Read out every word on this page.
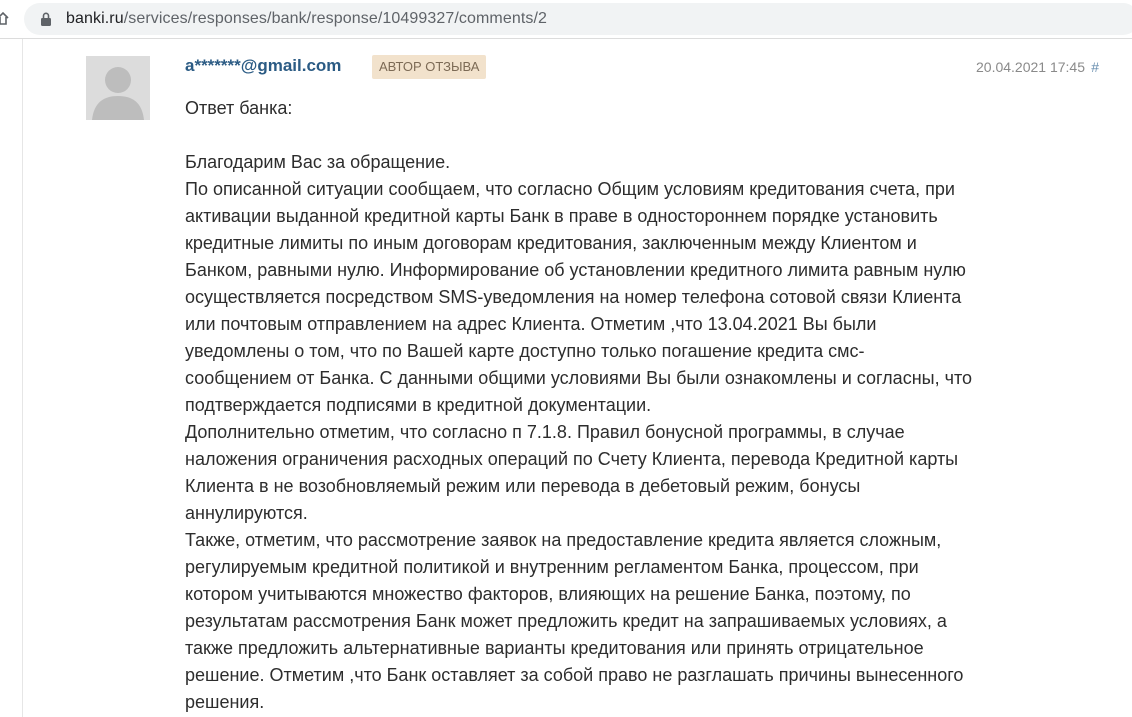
banki.ru/services/responses/bank/response/10499327/comments/2
a*******@gmail.com	АВТОР ОТЗЫВА	20.04.2021 17:45 #

Ответ банка:

Благодарим Вас за обращение.

По описанной ситуации сообщаем, что согласно Общим условиям кредитования счета, при
активации выданной кредитной карты Банк в праве в одностороннем порядке установить
кредитные лимиты по иным договорам кредитования, заключенным между Клиентом и
Банком, равными нулю. Информирование об установлении кредитного лимита равным нулю
осуществляется посредством SMS-уведомления на номер телефона сотовой связи Клиента
или почтовым отправлением на адрес Клиента. Отметим ,что 13.04.2021 Вы были
уведомлены о том, что по Вашей карте доступно только погашение кредита смс-
сообщением от Банка. С данными общими условиями Вы были ознакомлены и согласны, что
подтверждается подписями в кредитной документации.

Дополнительно отметим, что согласно п 7.1.8. Правил бонусной программы, в случае
наложения ограничения расходных операций по Счету Клиента, перевода Кредитной карты
Клиента в не возобновляемый режим или перевода в дебетовый режим, бонусы
аннулируются.

Также, отметим, что рассмотрение заявок на предоставление кредита является сложным,
регулируемым кредитной политикой и внутренним регламентом Банка, процессом, при
котором учитываются множество факторов, влияющих на решение Банка, поэтому, по
результатам рассмотрения Банк может предложить кредит на запрашиваемых условиях, а
также предложить альтернативные варианты кредитования или принять отрицательное
решение. Отметим ,что Банк оставляет за собой право не разглашать причины вынесенного
решения.
